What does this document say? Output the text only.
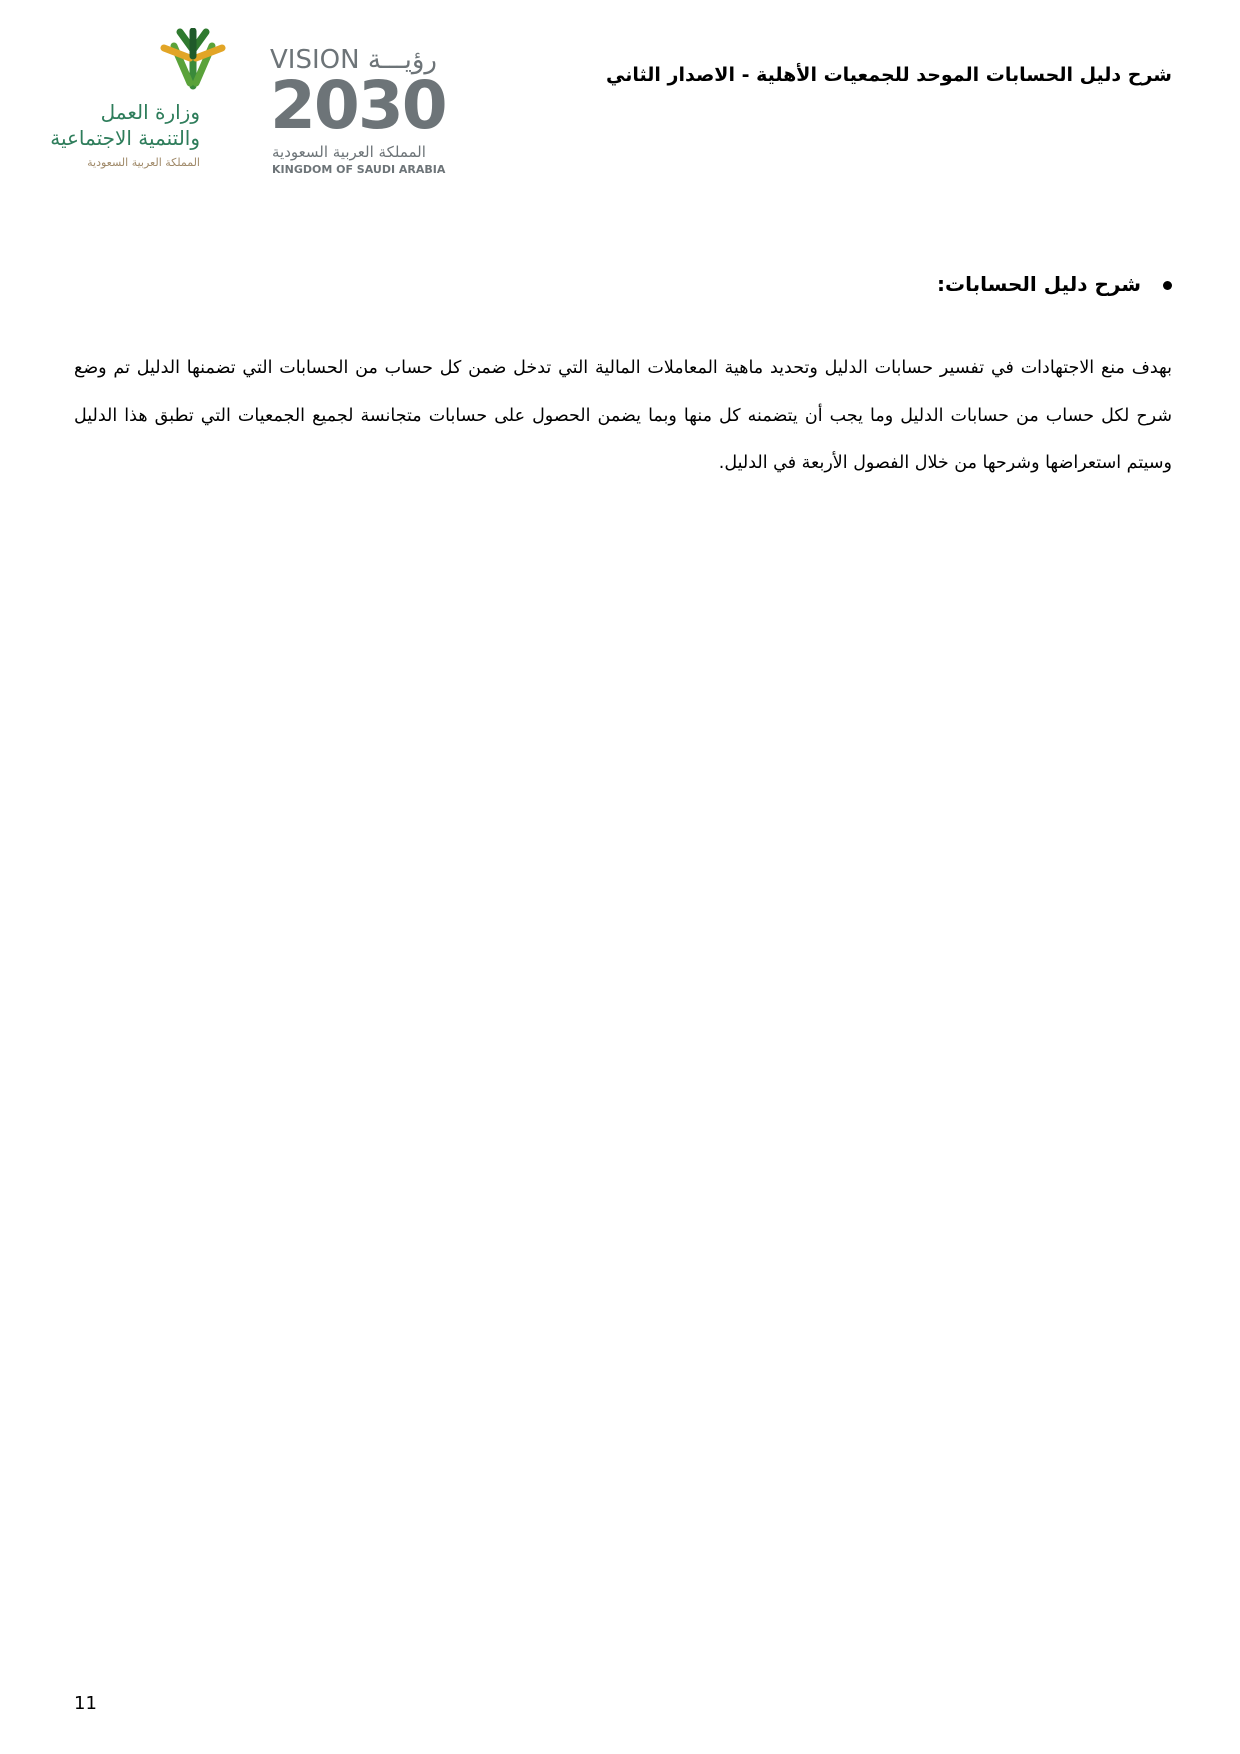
شرح دليل الحسابات الموحد للجمعيات الأهلية - الاصدار الثاني
وزارة العمل
والتنمية الاجتماعية
المملكة العربية السعودية
VISION رؤيـــة
2030
المملكة العربية السعودية
KINGDOM OF SAUDI ARABIA
شرح دليل الحسابات:
بهدف منع الاجتهادات في تفسير حسابات الدليل وتحديد ماهية المعاملات المالية التي تدخل ضمن كل حساب من الحسابات التي تضمنها الدليل تم وضع شرح لكل حساب من حسابات الدليل وما يجب أن يتضمنه كل منها وبما يضمن الحصول على حسابات متجانسة لجميع الجمعيات التي تطبق هذا الدليل وسيتم استعراضها وشرحها من خلال الفصول الأربعة في الدليل.
11
